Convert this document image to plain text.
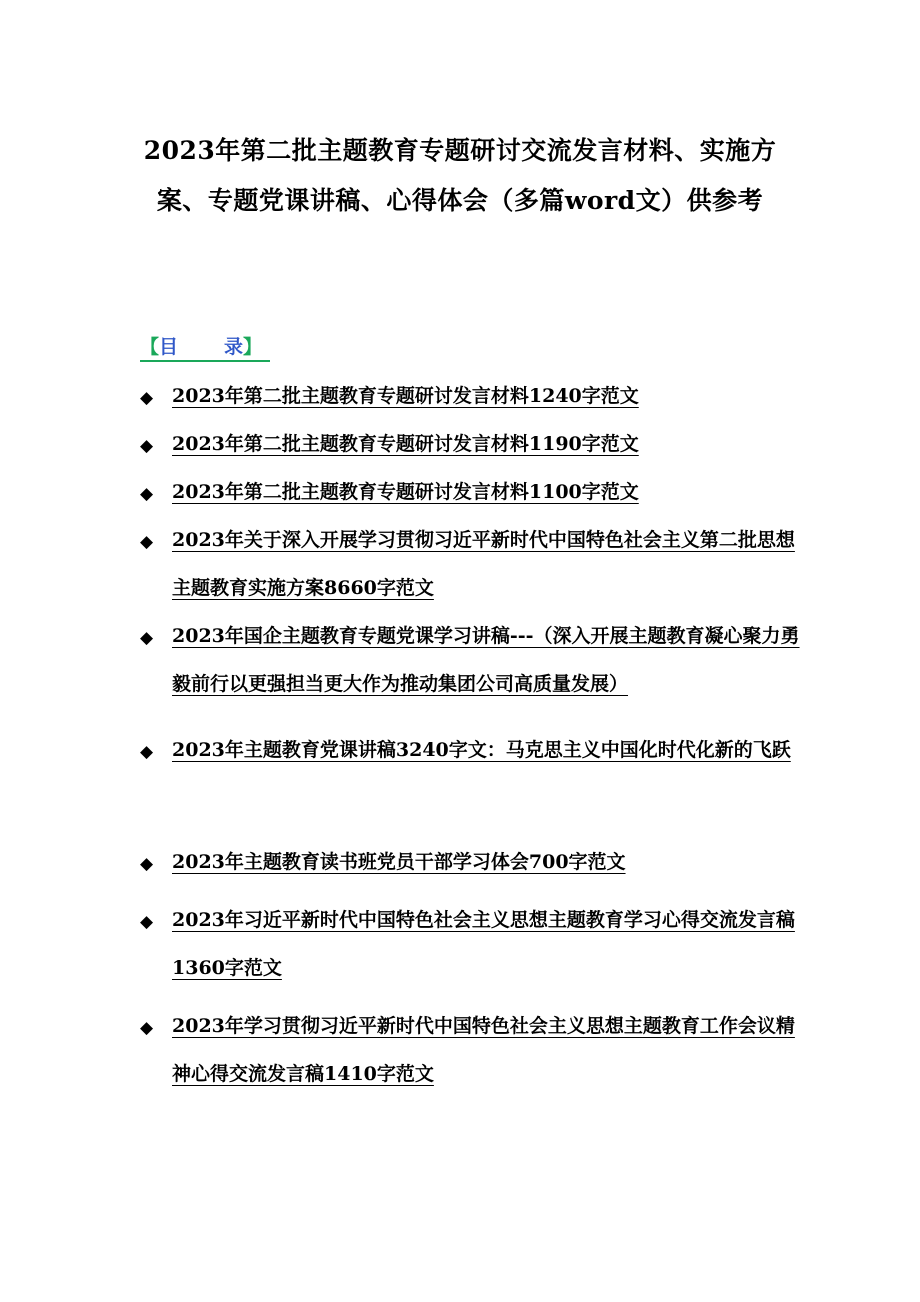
2023年第二批主题教育专题研讨交流发言材料、实施方案、专题党课讲稿、心得体会（多篇word文）供参考
【目 录】
◆ 2023年第二批主题教育专题研讨发言材料1240字范文
◆ 2023年第二批主题教育专题研讨发言材料1190字范文
◆ 2023年第二批主题教育专题研讨发言材料1100字范文
◆ 2023年关于深入开展学习贯彻习近平新时代中国特色社会主义第二批思想主题教育实施方案8660字范文
◆ 2023年国企主题教育专题党课学习讲稿---（深入开展主题教育凝心聚力勇毅前行以更强担当更大作为推动集团公司高质量发展）
◆ 2023年主题教育党课讲稿3240字文：马克思主义中国化时代化新的飞跃
◆ 2023年主题教育读书班党员干部学习体会700字范文
◆ 2023年习近平新时代中国特色社会主义思想主题教育学习心得交流发言稿1360字范文
◆ 2023年学习贯彻习近平新时代中国特色社会主义思想主题教育工作会议精神心得交流发言稿1410字范文
